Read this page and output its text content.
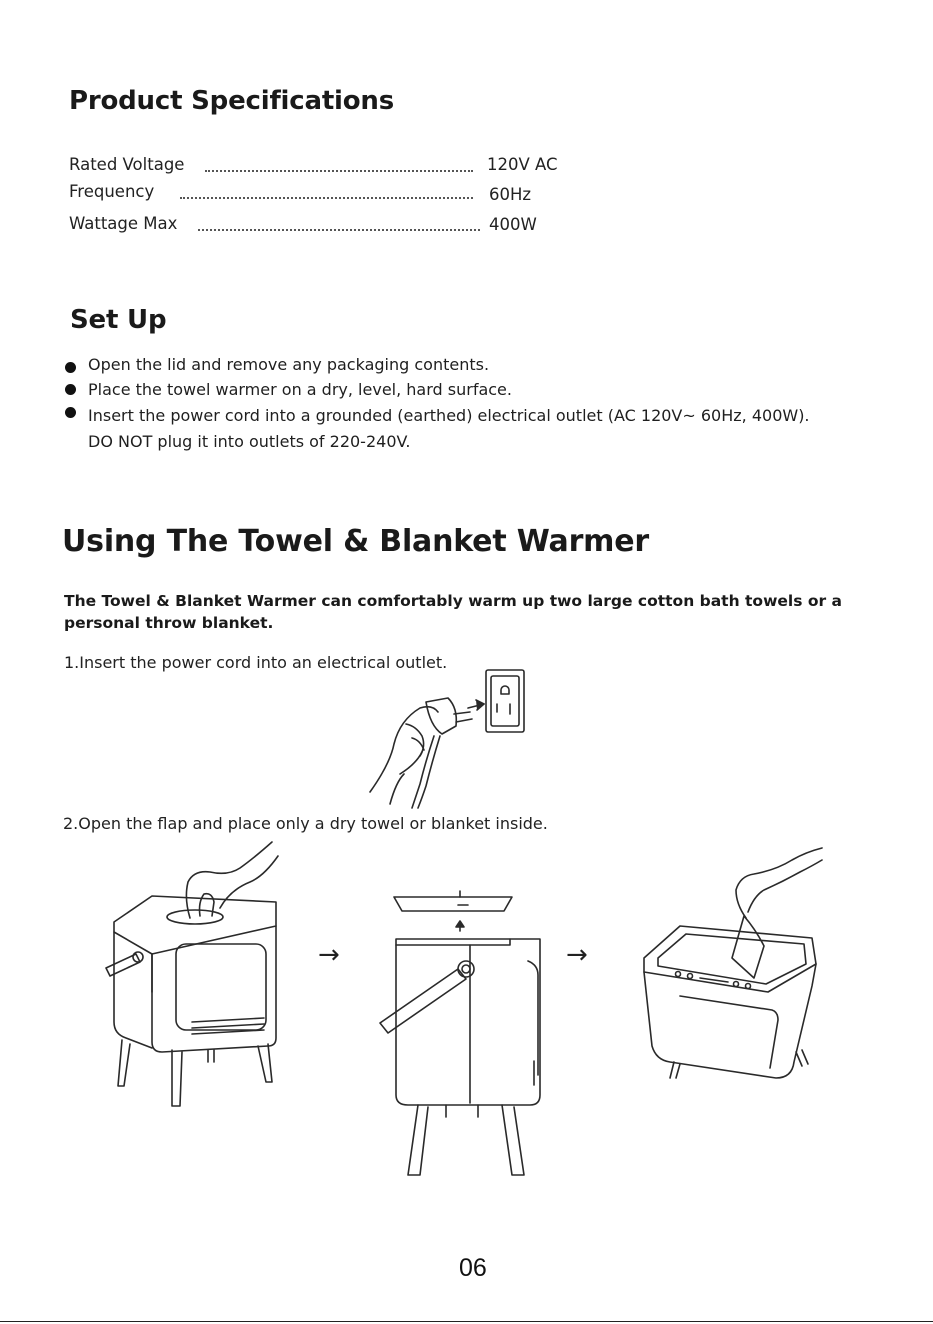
Product Specifications
Rated Voltage	120V AC
Frequency	60Hz
Wattage Max	400W
Set Up
Open the lid and remove any packaging contents.
Place the towel warmer on a dry, level, hard surface.
Insert the power cord into a grounded (earthed) electrical outlet (AC 120V~ 60Hz, 400W).
DO NOT plug it into outlets of 220-240V.
Using The Towel & Blanket Warmer
The Towel & Blanket Warmer can comfortably warm up two large cotton bath towels or a personal throw blanket.
1.Insert the power cord into an electrical outlet.
2.Open the flap and place only a dry towel or blanket inside.
→	→
06
